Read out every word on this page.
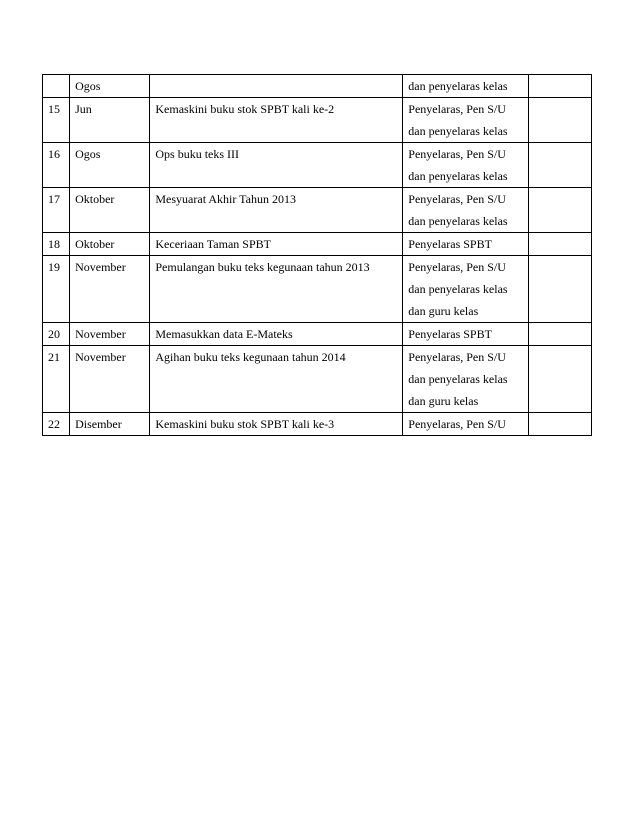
	Ogos		dan penyelaras kelas	

15	Jun	Kemaskini buku stok SPBT kali ke-2	Penyelaras, Pen S/U
dan penyelaras kelas	

16	Ogos	Ops buku teks III	Penyelaras, Pen S/U
dan penyelaras kelas	

17	Oktober	Mesyuarat Akhir Tahun 2013	Penyelaras, Pen S/U
dan penyelaras kelas	

18	Oktober	Keceriaan Taman SPBT	Penyelaras SPBT	

19	November	Pemulangan buku teks kegunaan tahun 2013	Penyelaras, Pen S/U
dan penyelaras kelas
dan guru kelas	

20	November	Memasukkan data E-Mateks	Penyelaras SPBT	

21	November	Agihan buku teks kegunaan tahun 2014	Penyelaras, Pen S/U
dan penyelaras kelas
dan guru kelas	

22	Disember	Kemaskini buku stok SPBT kali ke-3	Penyelaras, Pen S/U	
